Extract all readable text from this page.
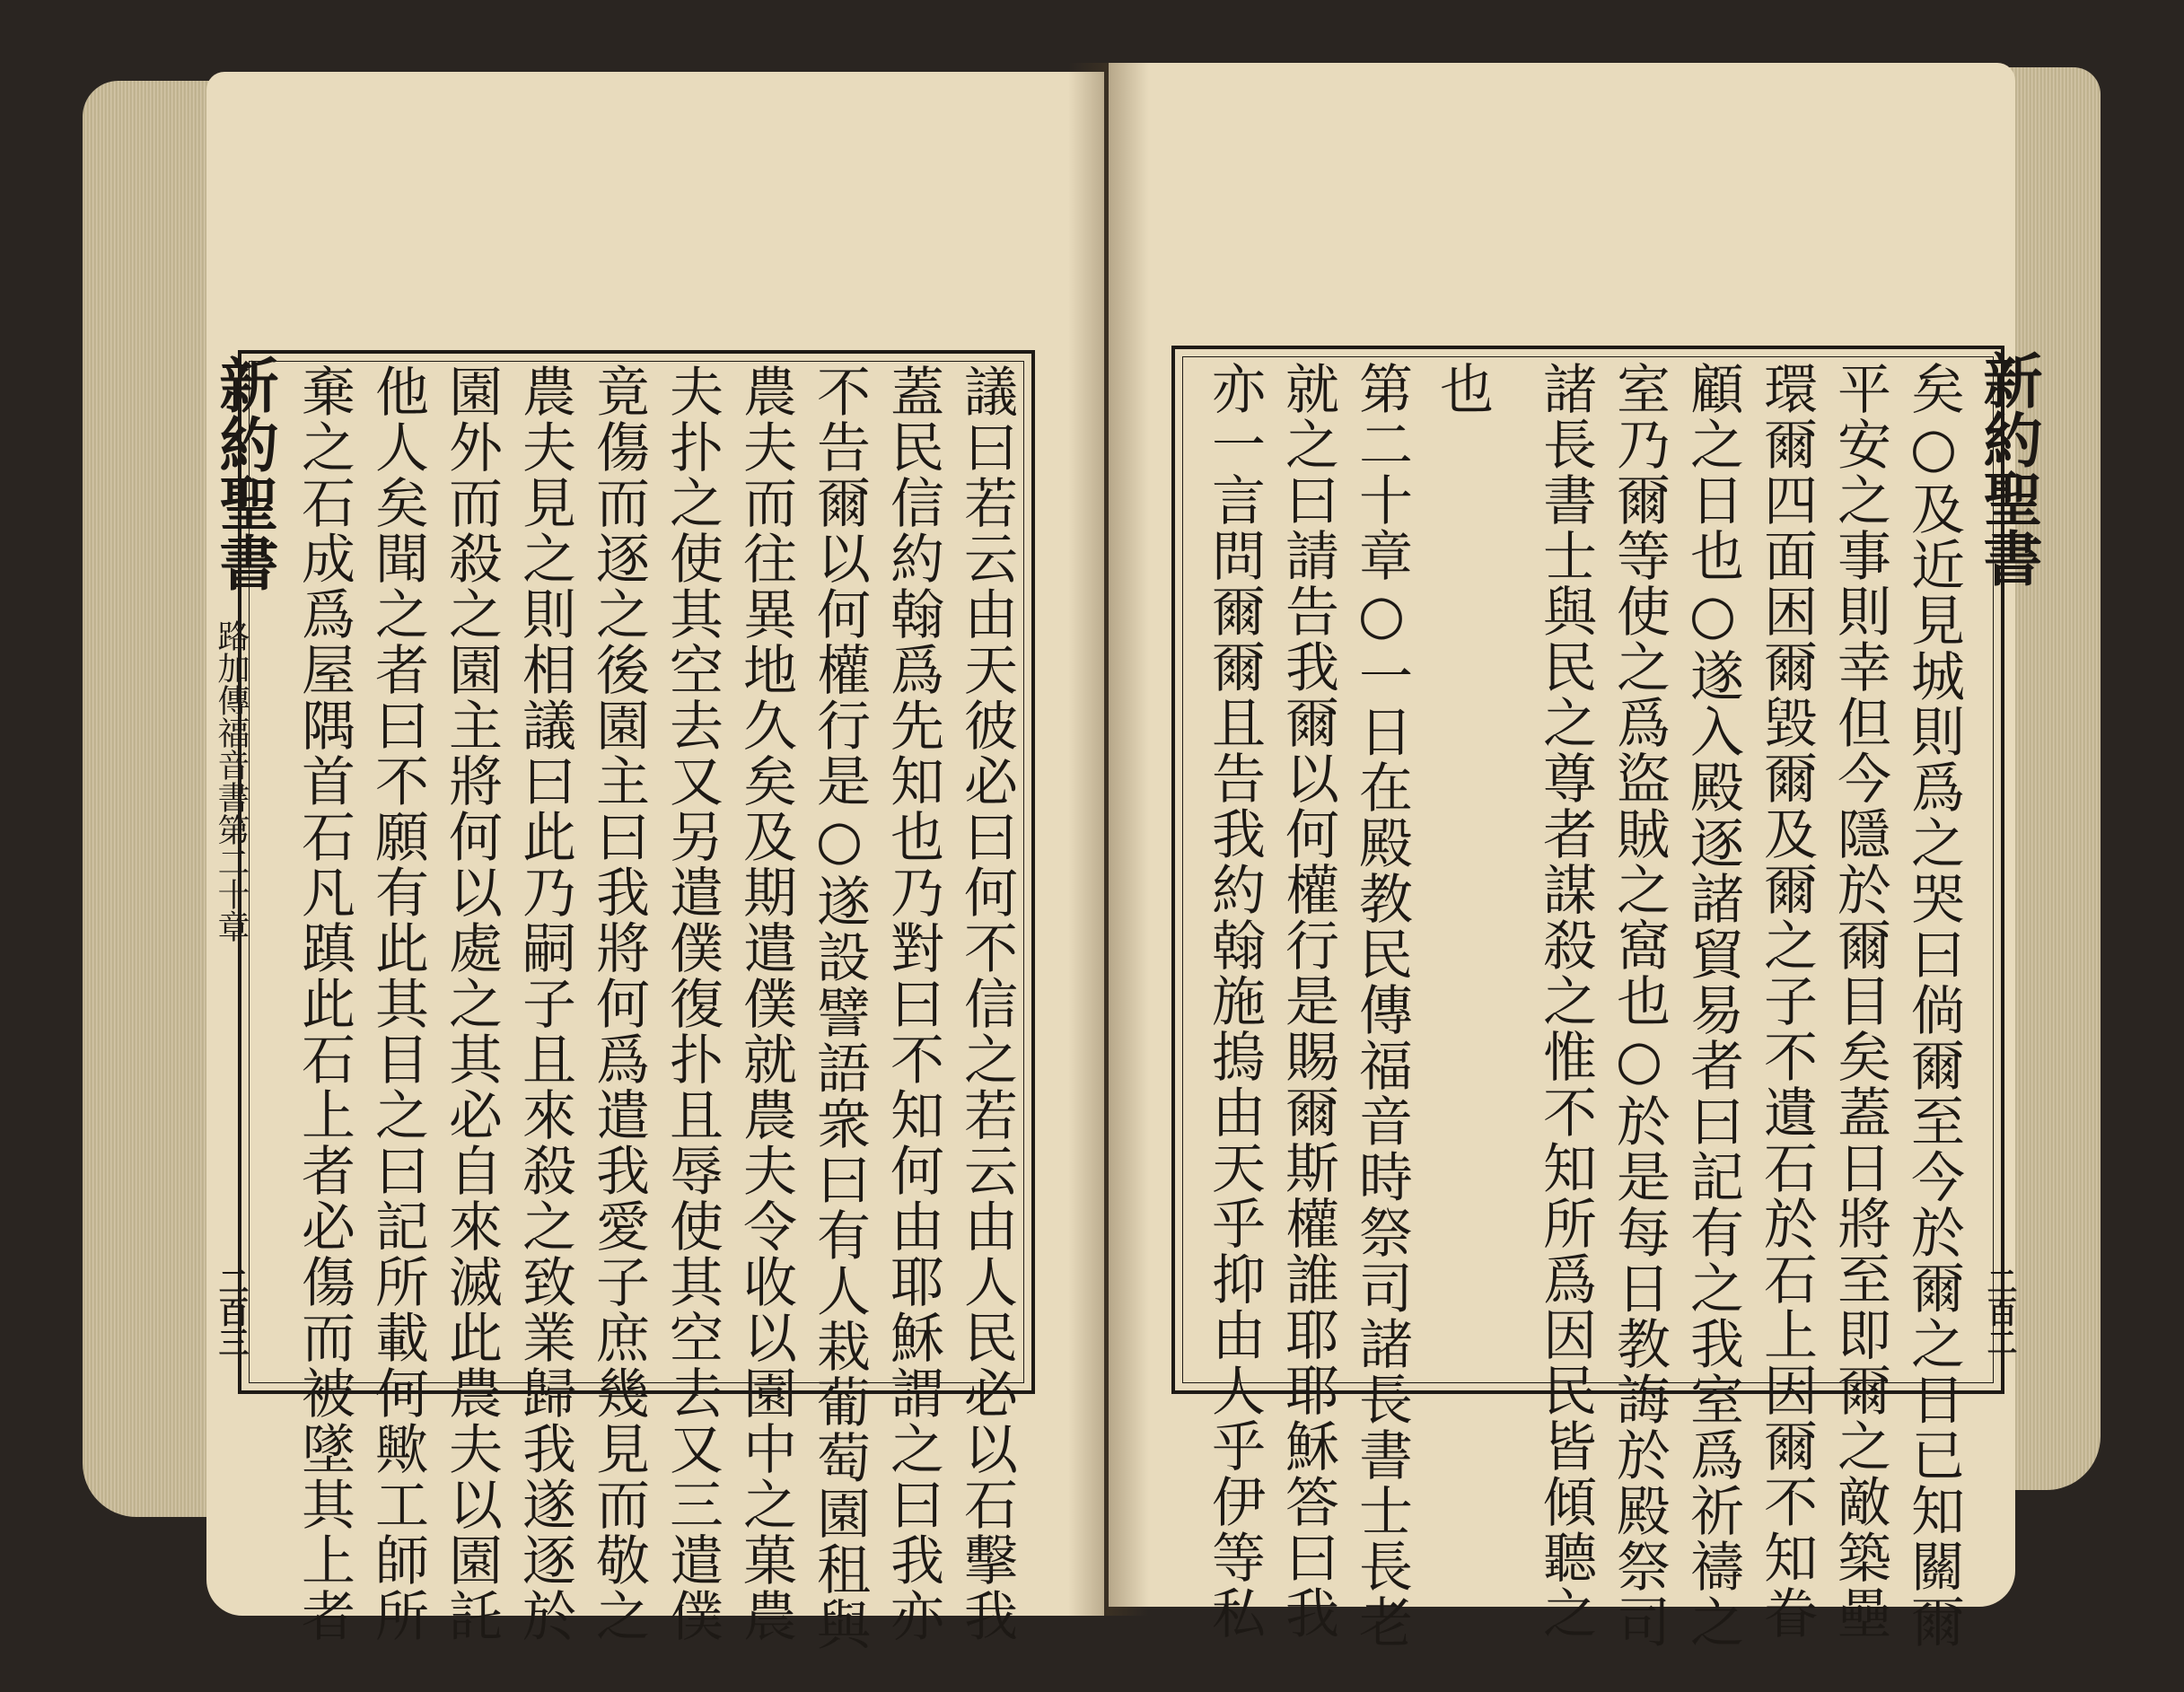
議曰若云由天彼必曰何不信之若云由人民必以石擊我
蓋民信約翰爲先知也乃對曰不知何由耶穌謂之曰我亦
不告爾以何權行是○遂設譬語衆曰有人栽葡萄園租與
農夫而往異地久矣及期遣僕就農夫令收以園中之菓農
夫扑之使其空去又另遣僕復扑且辱使其空去又三遣僕
竟傷而逐之後園主曰我將何爲遣我愛子庶幾見而敬之
農夫見之則相議曰此乃嗣子且來殺之致業歸我遂逐於
園外而殺之園主將何以處之其必自來滅此農夫以園託
他人矣聞之者曰不願有此其目之曰記所載何歟工師所
棄之石成爲屋隅首石凡蹎此石上者必傷而被墜其上者
新約聖書
路加傳福音書第二十章
二百三	矣○及近見城則爲之哭曰倘爾至今於爾之日已知關爾
平安之事則幸但今隱於爾目矣蓋日將至即爾之敵築壘
環爾四面困爾毀爾及爾之子不遺石於石上因爾不知眷
顧之日也○遂入殿逐諸貿易者曰記有之我室爲祈禱之
室乃爾等使之爲盜賊之窩也○於是每日教誨於殿祭司
諸長書士與民之尊者謀殺之惟不知所爲因民皆傾聽之
也
第二十章○一日在殿教民傳福音時祭司諸長書士長老
就之曰請告我爾以何權行是賜爾斯權誰耶耶穌答曰我
亦一言問爾爾且告我約翰施摀由天乎抑由人乎伊等私	新約聖書
二百二
